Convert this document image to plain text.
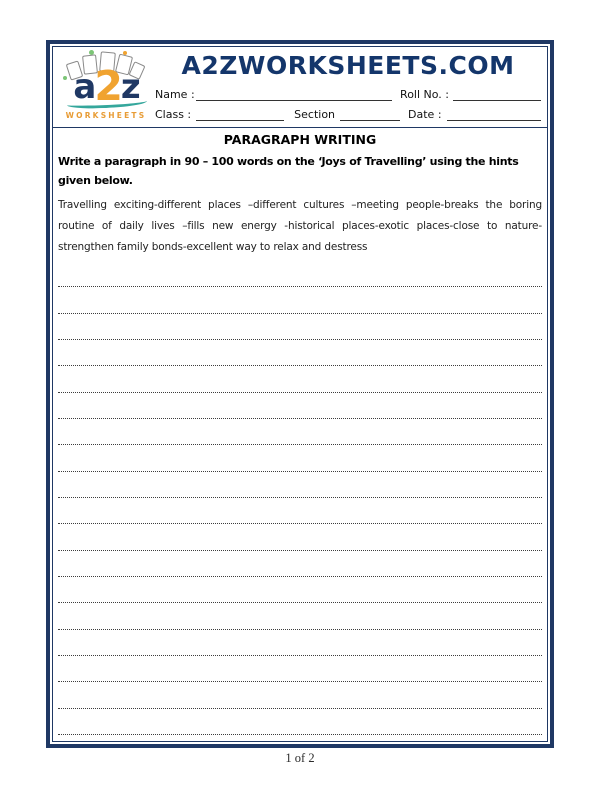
a2z
WORKSHEETS
A2ZWORKSHEETS.COM
Name :	Roll No. :
Class :	Section	Date :
PARAGRAPH WRITING
Write a paragraph in 90 – 100 words on the ‘Joys of Travelling’ using the hints given below.
Travelling exciting-different places –different cultures –meeting people-breaks the boring routine of daily lives –fills new energy -historical places-exotic places-close to nature-strengthen family bonds-excellent way to relax and destress
1 of 2
